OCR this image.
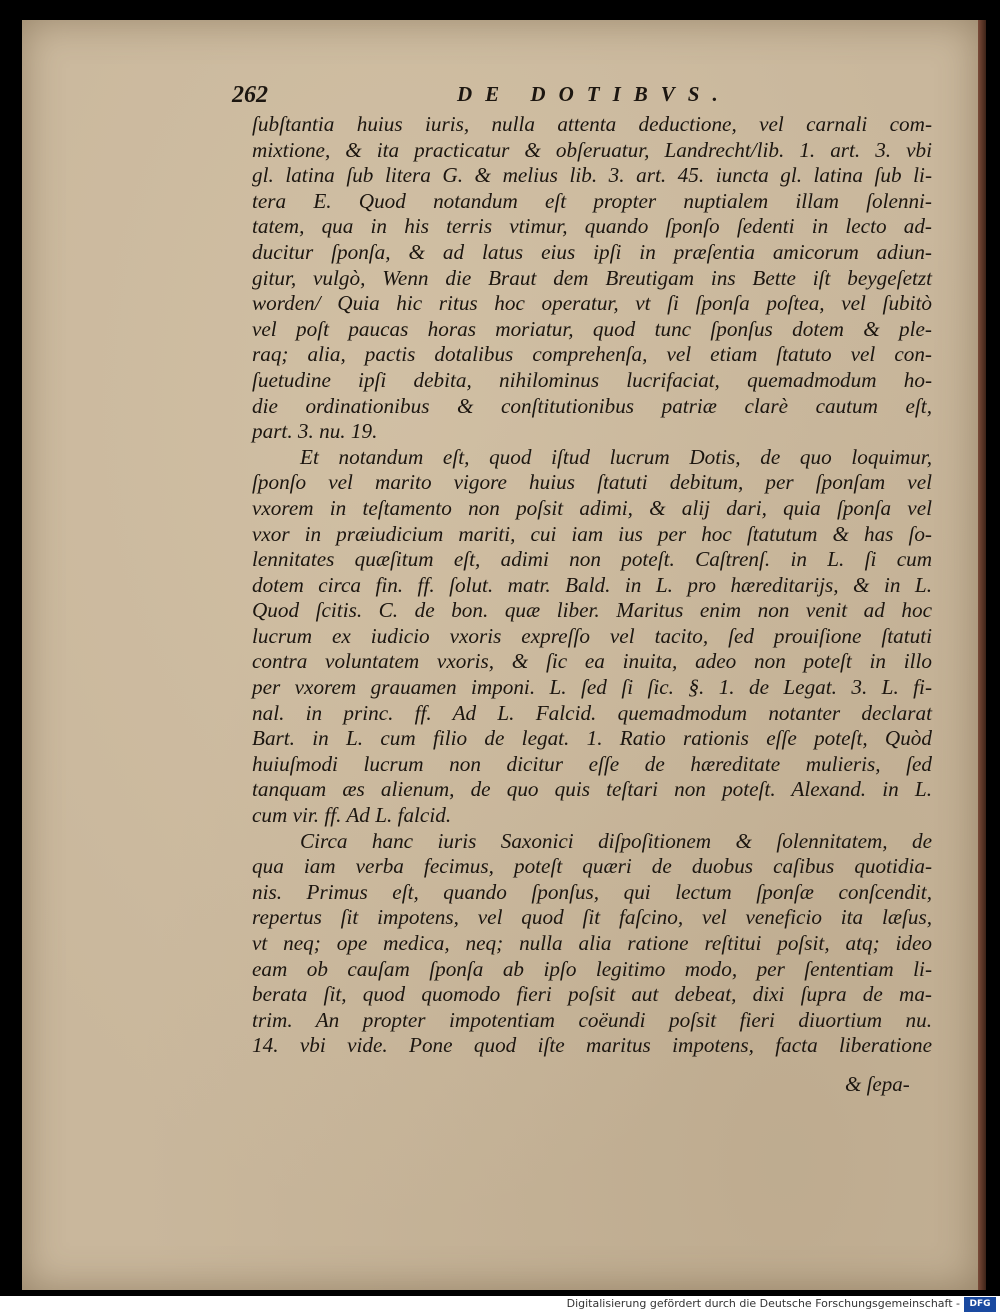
262	DE DOTIBVS.
ſubſtantia huius iuris, nulla attenta deductione, vel carnali com-
mixtione, & ita practicatur & obſeruatur, Landrecht/lib. 1. art. 3. vbi
gl. latina ſub litera G. & melius lib. 3. art. 45. iuncta gl. latina ſub li-
tera E. Quod notandum eſt propter nuptialem illam ſolenni-
tatem, qua in his terris vtimur, quando ſponſo ſedenti in lecto ad-
ducitur ſponſa, & ad latus eius ipſi in præſentia amicorum adiun-
gitur, vulgò, Wenn die Braut dem Breutigam ins Bette iſt beygeſetzt
worden/ Quia hic ritus hoc operatur, vt ſi ſponſa poſtea, vel ſubitò
vel poſt paucas horas moriatur, quod tunc ſponſus dotem & ple-
raq; alia, pactis dotalibus comprehenſa, vel etiam ſtatuto vel con-
ſuetudine ipſi debita, nihilominus lucrifaciat, quemadmodum ho-
die ordinationibus & conſtitutionibus patriæ clarè cautum eſt,
part. 3. nu. 19.
Et notandum eſt, quod iſtud lucrum Dotis, de quo loquimur,
ſponſo vel marito vigore huius ſtatuti debitum, per ſponſam vel
vxorem in teſtamento non poſsit adimi, & alij dari, quia ſponſa vel
vxor in præiudicium mariti, cui iam ius per hoc ſtatutum & has ſo-
lennitates quæſitum eſt, adimi non poteſt. Caſtrenſ. in L. ſi cum
dotem circa fin. ff. ſolut. matr. Bald. in L. pro hæreditarijs, & in L.
Quod ſcitis. C. de bon. quæ liber. Maritus enim non venit ad hoc
lucrum ex iudicio vxoris expreſſo vel tacito, ſed prouiſione ſtatuti
contra voluntatem vxoris, & ſic ea inuita, adeo non poteſt in illo
per vxorem grauamen imponi. L. ſed ſi ſic. §. 1. de Legat. 3. L. fi-
nal. in princ. ff. Ad L. Falcid. quemadmodum notanter declarat
Bart. in L. cum filio de legat. 1. Ratio rationis eſſe poteſt, Quòd
huiuſmodi lucrum non dicitur eſſe de hæreditate mulieris, ſed
tanquam æs alienum, de quo quis teſtari non poteſt. Alexand. in L.
cum vir. ff. Ad L. falcid.
Circa hanc iuris Saxonici diſpoſitionem & ſolennitatem, de
qua iam verba fecimus, poteſt quæri de duobus caſibus quotidia-
nis. Primus eſt, quando ſponſus, qui lectum ſponſæ conſcendit,
repertus ſit impotens, vel quod ſit faſcino, vel veneficio ita læſus,
vt neq; ope medica, neq; nulla alia ratione reſtitui poſsit, atq; ideo
eam ob cauſam ſponſa ab ipſo legitimo modo, per ſententiam li-
berata ſit, quod quomodo fieri poſsit aut debeat, dixi ſupra de ma-
trim. An propter impotentiam coëundi poſsit fieri diuortium nu.
14. vbi vide. Pone quod iſte maritus impotens, facta liberatione
& ſepa-
Digitalisierung gefördert durch die Deutsche Forschungsgemeinschaft -	DFG
